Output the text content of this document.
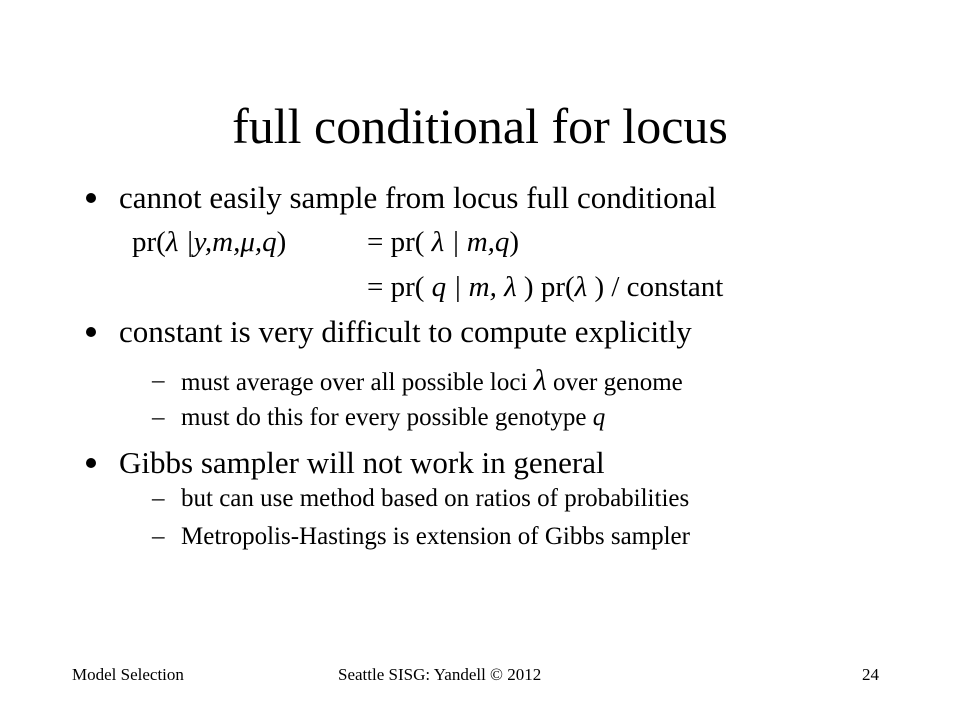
full conditional for locus
cannot easily sample from locus full conditional
pr(λ |y,m,μ,q)	= pr( λ | m,q)
= pr( q | m, λ ) pr(λ ) / constant
constant is very difficult to compute explicitly
– must average over all possible loci λ over genome
– must do this for every possible genotype q
Gibbs sampler will not work in general
– but can use method based on ratios of probabilities
– Metropolis-Hastings is extension of Gibbs sampler
Model Selection	Seattle SISG: Yandell © 2012	24
